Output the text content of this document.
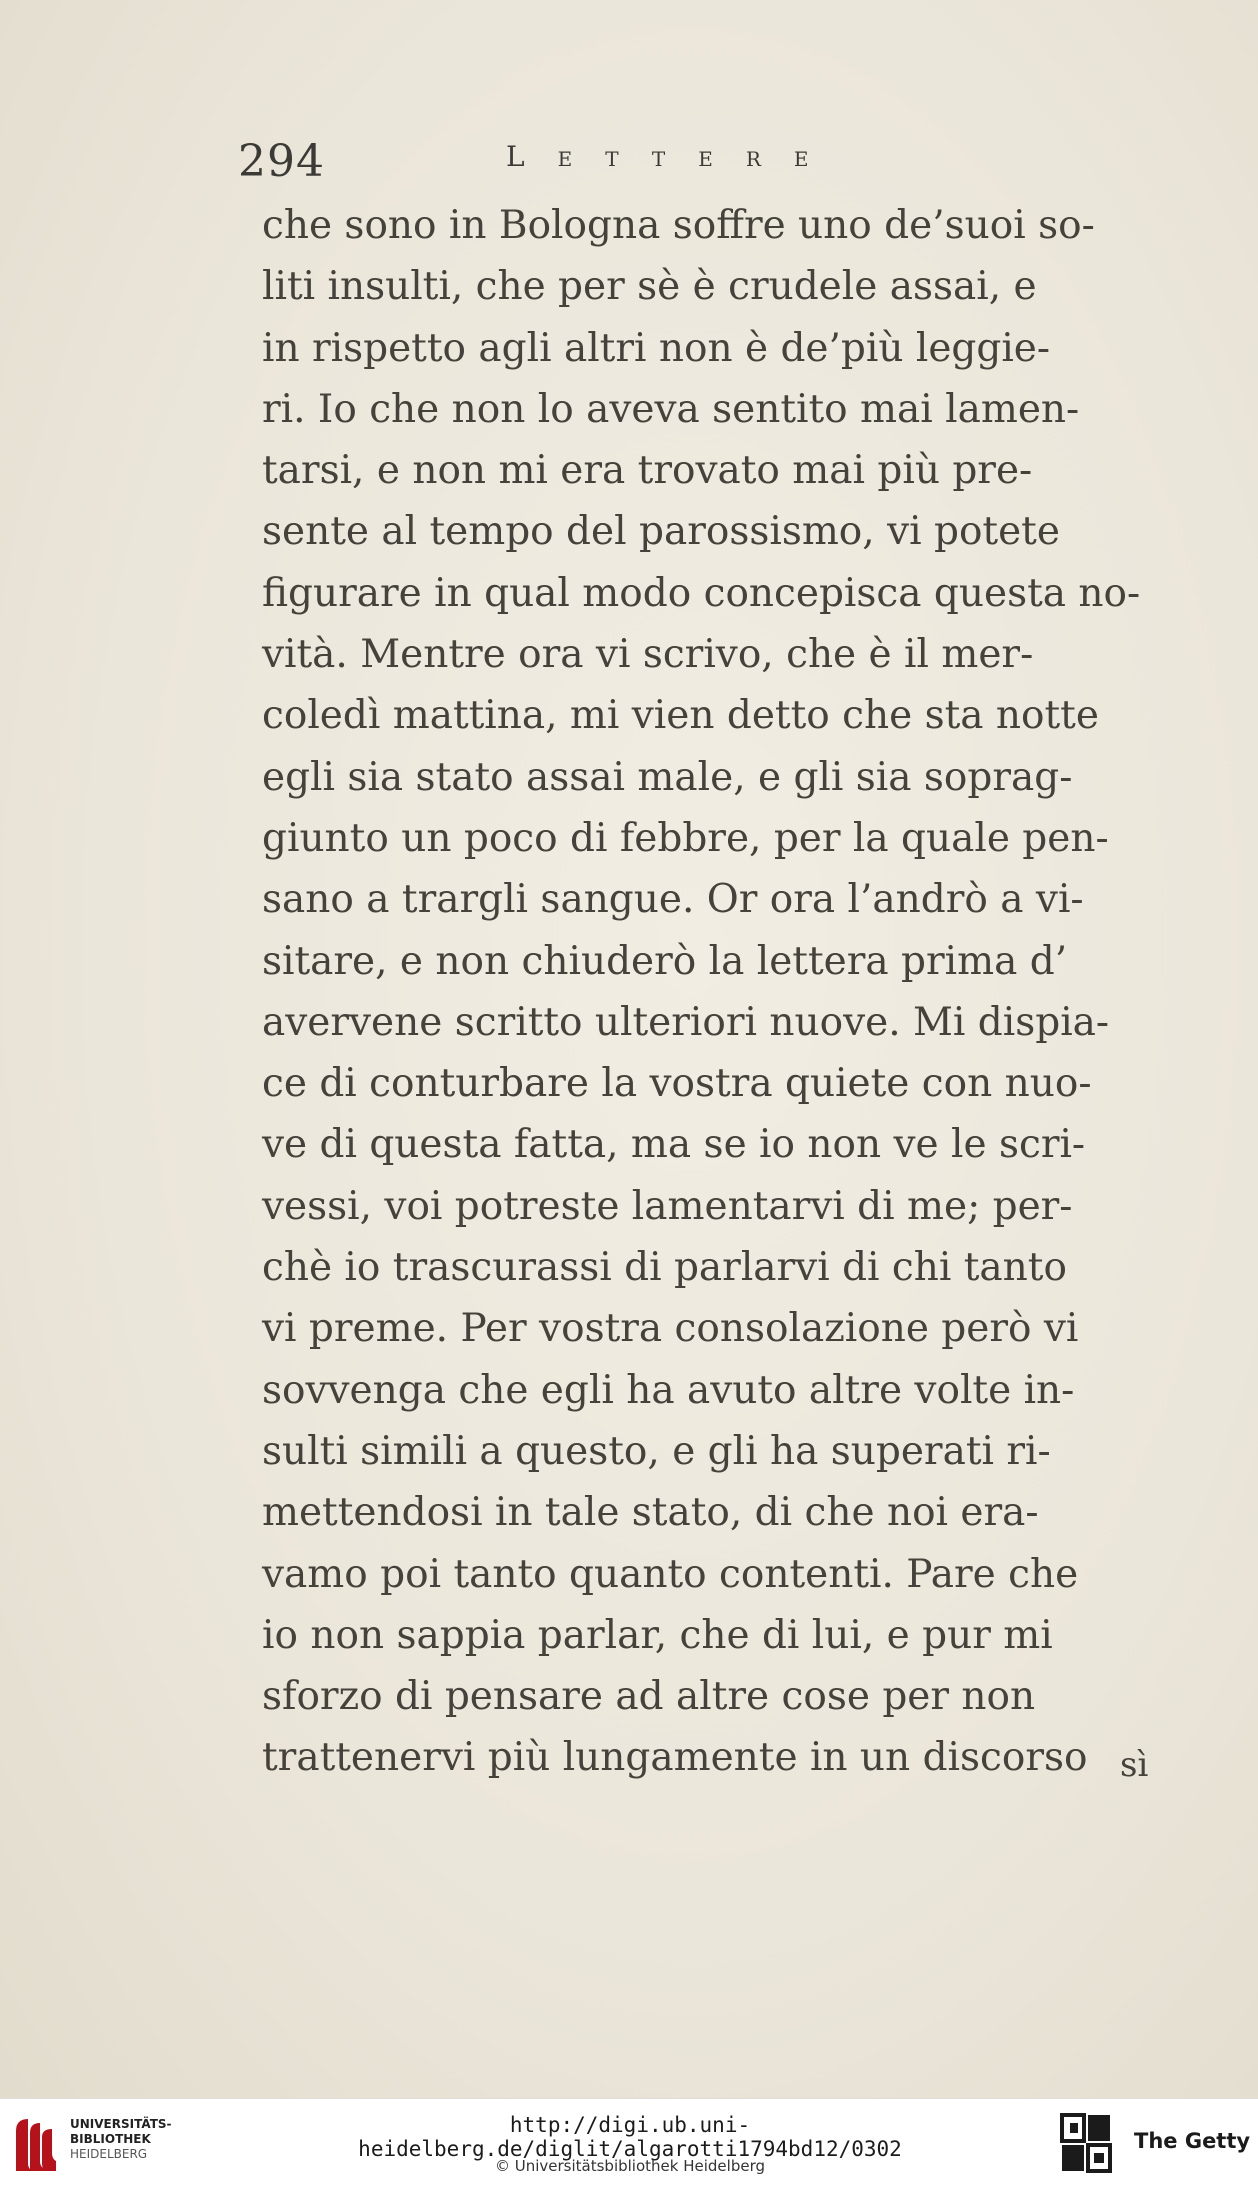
294	Lettere
che sono in Bologna soffre uno de’suoi so-
liti insulti, che per sè è crudele assai, e
in rispetto agli altri non è de’più leggie-
ri. Io che non lo aveva sentito mai lamen-
tarsi, e non mi era trovato mai più pre-
sente al tempo del parossismo, vi potete
figurare in qual modo concepisca questa no-
vità. Mentre ora vi scrivo, che è il mer-
coledì mattina, mi vien detto che sta notte
egli sia stato assai male, e gli sia soprag-
giunto un poco di febbre, per la quale pen-
sano a trargli sangue. Or ora l’andrò a vi-
sitare, e non chiuderò la lettera prima d’
avervene scritto ulteriori nuove. Mi dispia-
ce di conturbare la vostra quiete con nuo-
ve di questa fatta, ma se io non ve le scri-
vessi, voi potreste lamentarvi di me; per-
chè io trascurassi di parlarvi di chi tanto
vi preme. Per vostra consolazione però vi
sovvenga che egli ha avuto altre volte in-
sulti simili a questo, e gli ha superati ri-
mettendosi in tale stato, di che noi era-
vamo poi tanto quanto contenti. Pare che
io non sappia parlar, che di lui, e pur mi
sforzo di pensare ad altre cose per non
trattenervi più lungamente in un discorso sì
UNIVERSITÄTS-
BIBLIOTHEK
HEIDELBERG
http://digi.ub.uni-heidelberg.de/diglit/algarotti1794bd12/0302
© Universitätsbibliothek Heidelberg
The Getty
